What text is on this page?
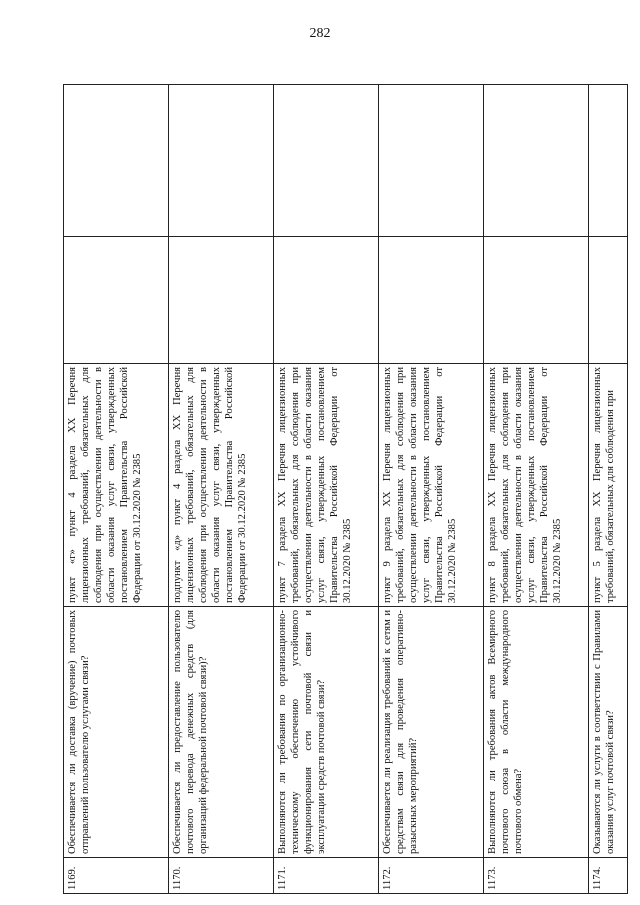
282
1169.	Обеспечивается ли доставка (вручение) почтовых отправлений пользователю услугами связи?	пункт «г» пункт 4 раздела XX Перечня лицензионных требований, обязательных для соблюдения при осуществлении деятельности в области оказания услуг связи, утвержденных постановлением Правительства Российской Федерации от 30.12.2020 № 2385		
1170.	Обеспечивается ли предоставление пользователю почтового перевода денежных средств (для организаций федеральной почтовой связи)?	подпункт «д» пункт 4 раздела XX Перечня лицензионных требований, обязательных для соблюдения при осуществлении деятельности в области оказания услуг связи, утвержденных постановлением Правительства Российской Федерации от 30.12.2020 № 2385		
1171.	Выполняются ли требования по организационно-техническому обеспечению устойчивого функционирования сети почтовой связи и эксплуатации средств почтовой связи?	пункт 7 раздела XX Перечня лицензионных требований, обязательных для соблюдения при осуществлении деятельности в области оказания услуг связи, утвержденных постановлением Правительства Российской Федерации от 30.12.2020 № 2385		
1172.	Обеспечивается ли реализация требований к сетям и средствам связи для проведения оперативно-разыскных мероприятий?	пункт 9 раздела XX Перечня лицензионных требований, обязательных для соблюдения при осуществлении деятельности в области оказания услуг связи, утвержденных постановлением Правительства Российской Федерации от 30.12.2020 № 2385		
1173.	Выполняются ли требования актов Всемирного почтового союза в области международного почтового обмена?	пункт 8 раздела XX Перечня лицензионных требований, обязательных для соблюдения при осуществлении деятельности в области оказания услуг связи, утвержденных постановлением Правительства Российской Федерации от 30.12.2020 № 2385		
1174.	Оказываются ли услуги в соответствии с Правилами оказания услуг почтовой связи?	пункт 5 раздела XX Перечня лицензионных требований, обязательных для соблюдения при		
